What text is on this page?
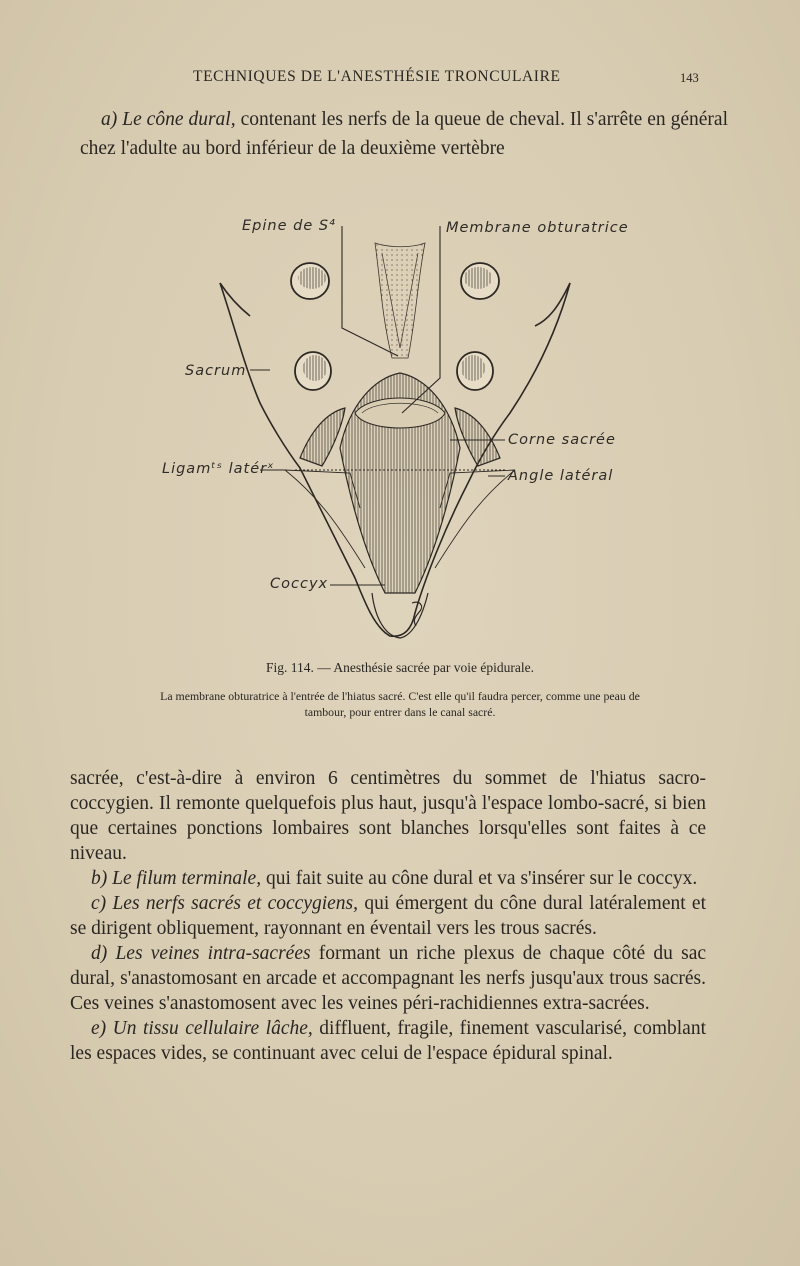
TECHNIQUES DE L'ANESTHÉSIE TRONCULAIRE	143
a) Le cône dural, contenant les nerfs de la queue de cheval. Il s'arrête en général chez l'adulte au bord inférieur de la deuxième vertèbre
Epine de S⁴	Membrane obturatrice
Sacrum
Corne sacrée
Ligamᵗˢ latérˣ	Angle latéral
Coccyx
Fig. 114. — Anesthésie sacrée par voie épidurale.
La membrane obturatrice à l'entrée de l'hiatus sacré. C'est elle qu'il faudra percer, comme une peau de tambour, pour entrer dans le canal sacré.

sacrée, c'est-à-dire à environ 6 centimètres du sommet de l'hiatus sacro-coccygien. Il remonte quelquefois plus haut, jusqu'à l'espace lombo-sacré, si bien que certaines ponctions lombaires sont blanches lorsqu'elles sont faites à ce niveau.

b) Le filum terminale, qui fait suite au cône dural et va s'insérer sur le coccyx.

c) Les nerfs sacrés et coccygiens, qui émergent du cône dural latéralement et se dirigent obliquement, rayonnant en éventail vers les trous sacrés.

d) Les veines intra-sacrées formant un riche plexus de chaque côté du sac dural, s'anastomosant en arcade et accompagnant les nerfs jusqu'aux trous sacrés. Ces veines s'anastomosent avec les veines péri-rachidiennes extra-sacrées.

e) Un tissu cellulaire lâche, diffluent, fragile, finement vascularisé, comblant les espaces vides, se continuant avec celui de l'espace épidural spinal.
